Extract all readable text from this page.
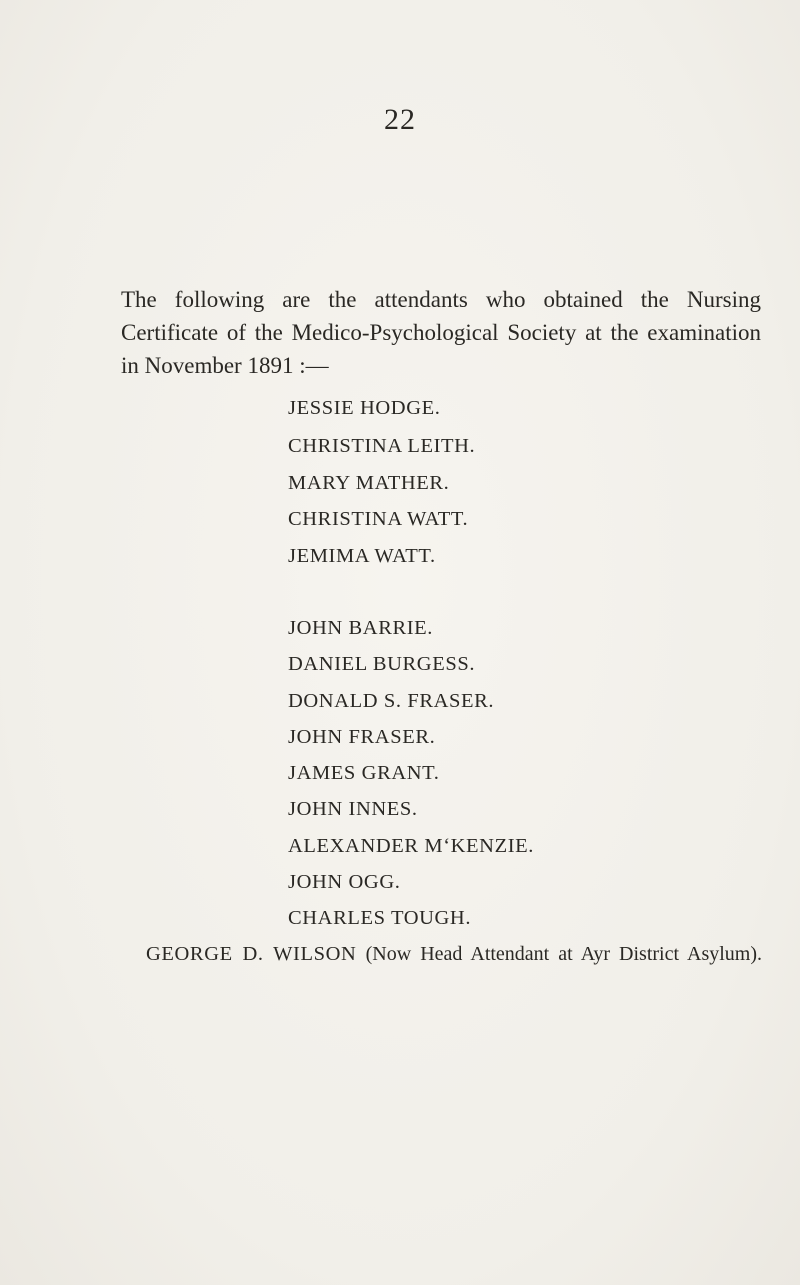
22

The following are the attendants who obtained the Nursing
Certificate of the Medico-Psychological Society at the examination
in November 1891 :—

JESSIE HODGE.
CHRISTINA LEITH.
MARY MATHER.
CHRISTINA WATT.
JEMIMA WATT.
JOHN BARRIE.
DANIEL BURGESS.
DONALD S. FRASER.
JOHN FRASER.
JAMES GRANT.
JOHN INNES.
ALEXANDER M‘KENZIE.
JOHN OGG.
CHARLES TOUGH.
GEORGE D. WILSON (Now Head Attendant at Ayr District Asylum).
